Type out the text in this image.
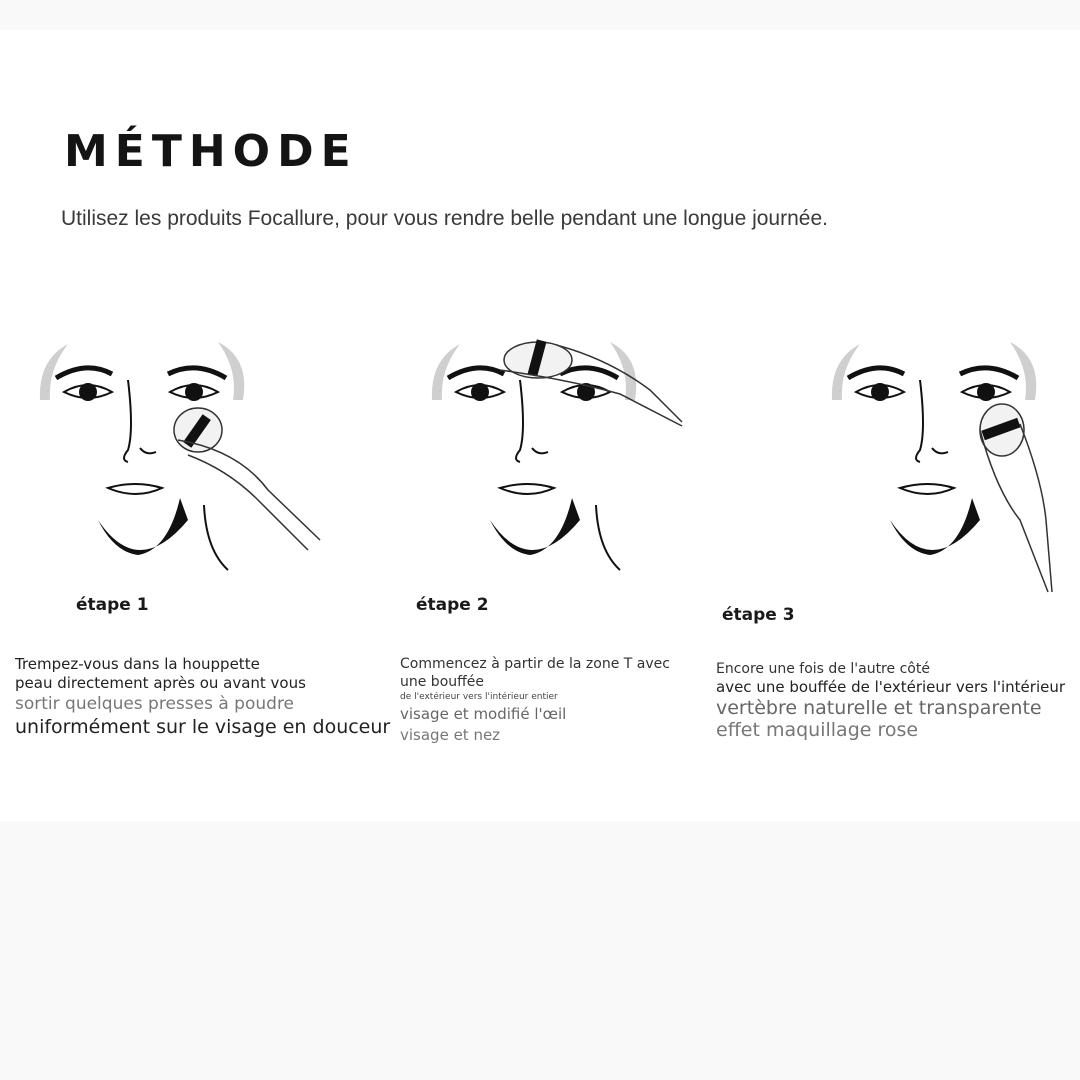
MÉTHODE

Utilisez les produits Focallure, pour vous rendre belle pendant une longue journée.

étape 1	étape 2	étape 3
Trempez-vous dans la houppette
peau directement après ou avant vous
sortir quelques presses à poudre
uniformément sur le visage en douceur
Commencez à partir de la zone T avec
une bouffée
de l'extérieur vers l'intérieur entier
visage et modifié l'œil
visage et nez
Encore une fois de l'autre côté
avec une bouffée de l'extérieur vers l'intérieur
vertèbre naturelle et transparente
effet maquillage rose
